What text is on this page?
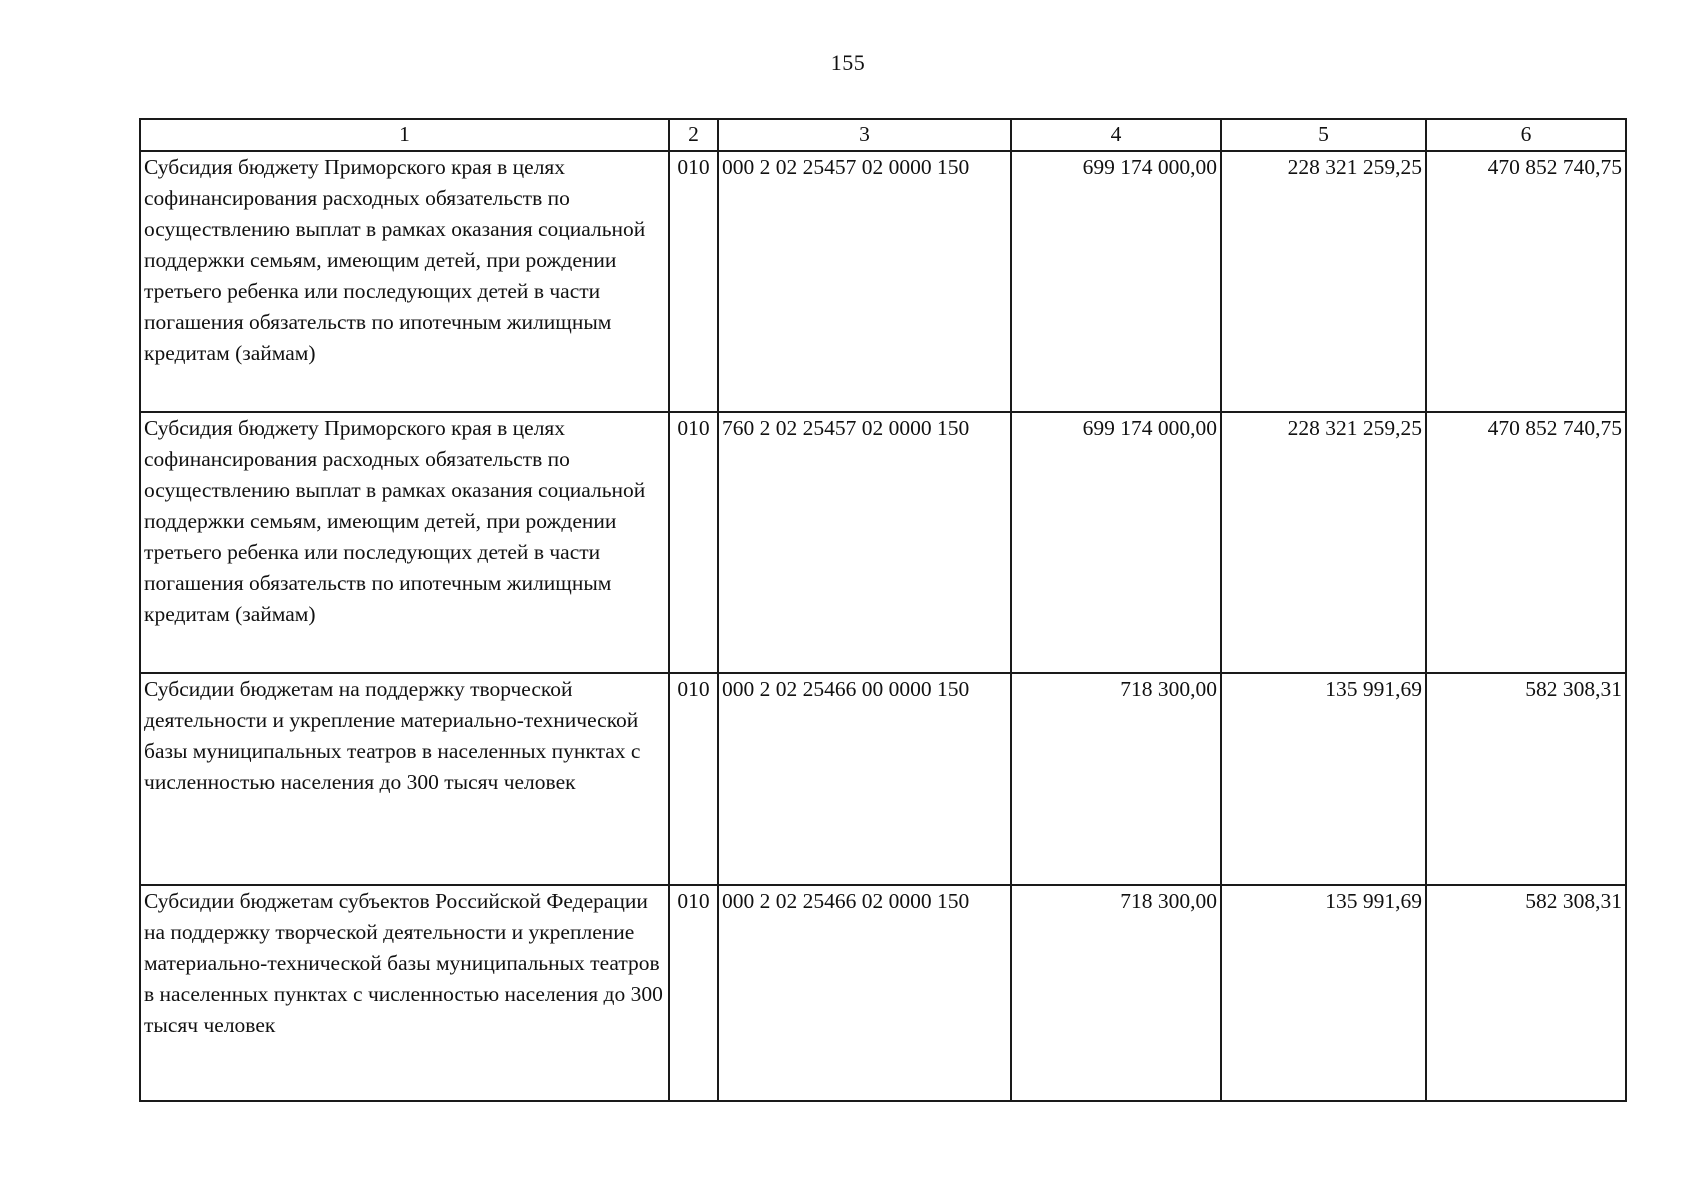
155
1	2	3	4	5	6
Субсидия бюджету Приморского края в целях софинансирования расходных обязательств по осуществлению выплат в рамках оказания социальной поддержки семьям, имеющим детей, при рождении третьего ребенка или последующих детей в части погашения обязательств по ипотечным жилищным кредитам (займам)	010	000 2 02 25457 02 0000 150	699 174 000,00	228 321 259,25	470 852 740,75
Субсидия бюджету Приморского края в целях софинансирования расходных обязательств по осуществлению выплат в рамках оказания социальной поддержки семьям, имеющим детей, при рождении третьего ребенка или последующих детей в части погашения обязательств по ипотечным жилищным кредитам (займам)	010	760 2 02 25457 02 0000 150	699 174 000,00	228 321 259,25	470 852 740,75
Субсидии бюджетам на поддержку творческой деятельности и укрепление материально-технической базы муниципальных театров в населенных пунктах с численностью населения до 300 тысяч человек	010	000 2 02 25466 00 0000 150	718 300,00	135 991,69	582 308,31
Субсидии бюджетам субъектов Российской Федерации на поддержку творческой деятельности и укрепление материально-технической базы муниципальных театров в населенных пунктах с численностью населения до 300 тысяч человек	010	000 2 02 25466 02 0000 150	718 300,00	135 991,69	582 308,31
